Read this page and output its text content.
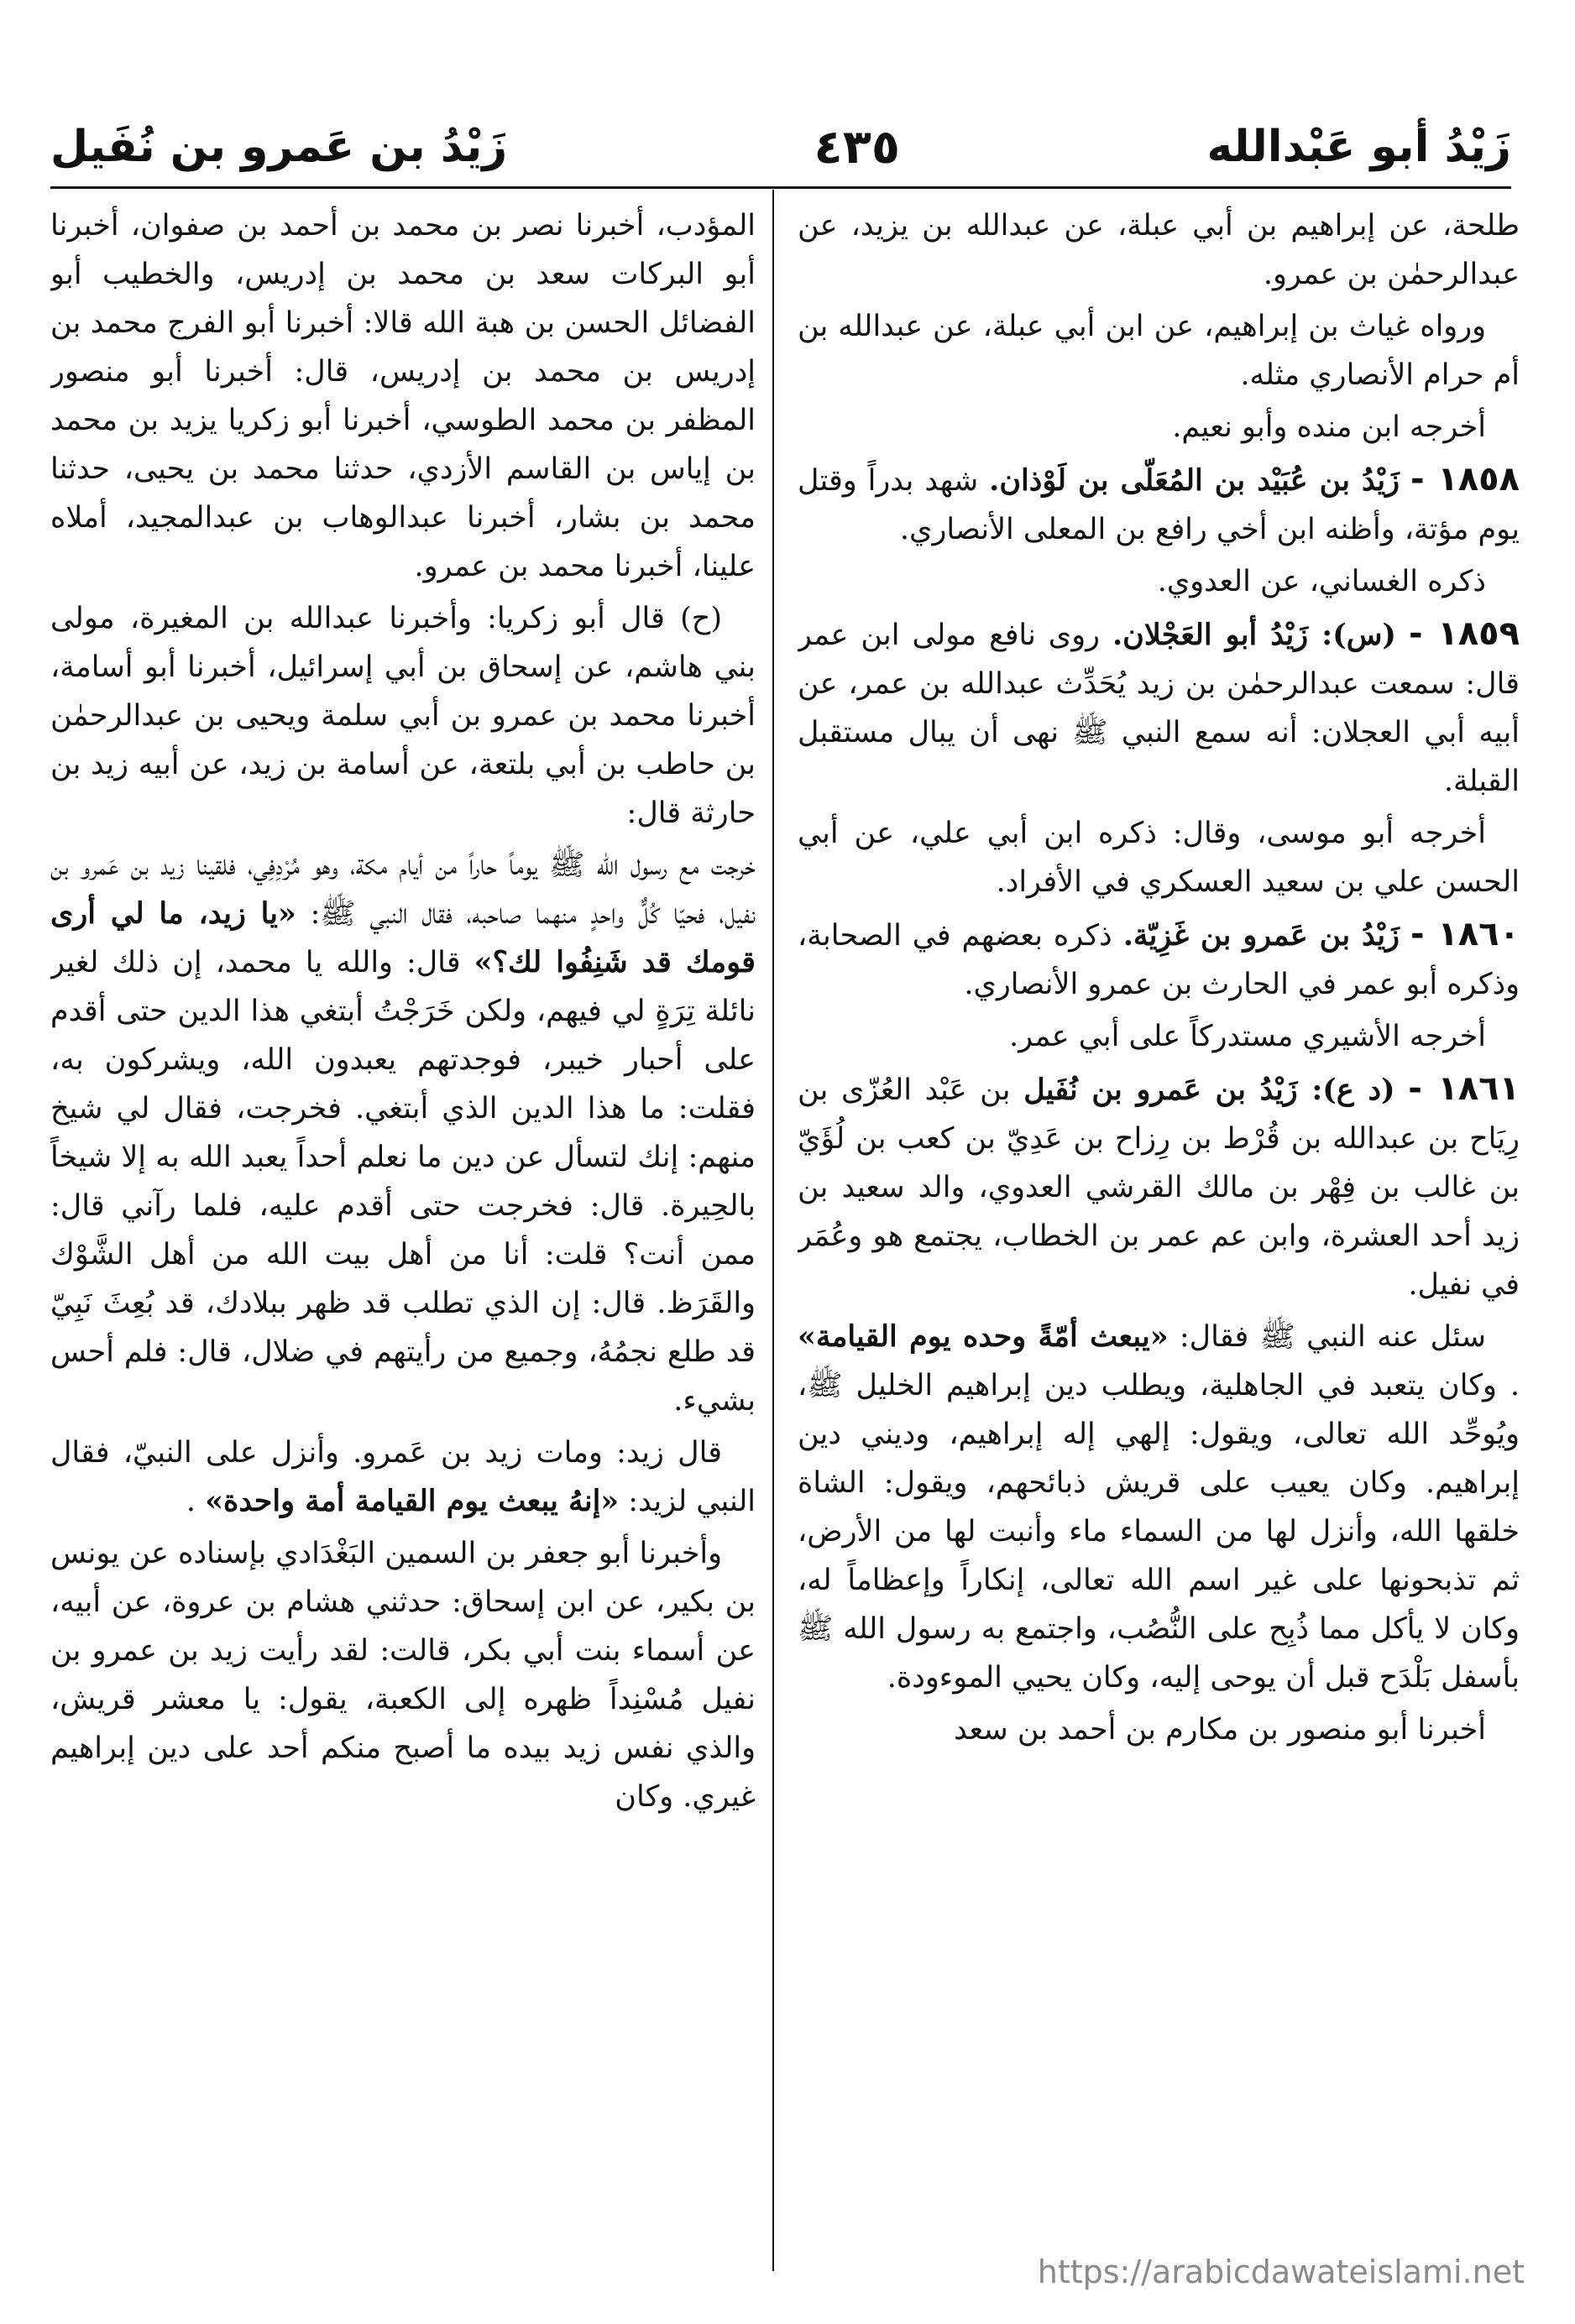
زَيْدُ أبو عَبْدالله
٤٣٥
زَيْدُ بن عَمرو بن نُفَيل

طلحة، عن إبراهيم بن أبي عبلة، عن عبدالله بن يزيد، عن عبدالرحمٰن بن عمرو.

ورواه غياث بن إبراهيم، عن ابن أبي عبلة، عن عبدالله بن أم حرام الأنصاري مثله.

أخرجه ابن منده وأبو نعيم.

١٨٥٨ - زَيْدُ بن عُبَيْد بن المُعَلّى بن لَوْذان. شهد بدراً وقتل يوم مؤتة، وأظنه ابن أخي رافع بن المعلى الأنصاري.

ذكره الغساني، عن العدوي.

١٨٥٩ - (س): زَيْدُ أبو العَجْلان. روى نافع مولى ابن عمر قال: سمعت عبدالرحمٰن بن زيد يُحَدِّث عبدالله بن عمر، عن أبيه أبي العجلان: أنه سمع النبي ﷺ نهى أن يبال مستقبل القبلة.

أخرجه أبو موسى، وقال: ذكره ابن أبي علي، عن أبي الحسن علي بن سعيد العسكري في الأفراد.

١٨٦٠ - زَيْدُ بن عَمرو بن غَزِيّة. ذكره بعضهم في الصحابة، وذكره أبو عمر في الحارث بن عمرو الأنصاري.

أخرجه الأشيري مستدركاً على أبي عمر.

١٨٦١ - (د ع): زَيْدُ بن عَمرو بن نُفَيل بن عَبْد العُزّى بن رِيَاح بن عبدالله بن قُرْط بن رِزاح بن عَدِيّ بن كعب بن لُؤَيّ بن غالب بن فِهْر بن مالك القرشي العدوي، والد سعيد بن زيد أحد العشرة، وابن عم عمر بن الخطاب، يجتمع هو وعُمَر في نفيل.

سئل عنه النبي ﷺ فقال: «يبعث أمّةً وحده يوم القيامة» . وكان يتعبد في الجاهلية، ويطلب دين إبراهيم الخليل ﷺ، ويُوحِّد الله تعالى، ويقول: إلهي إله إبراهيم، وديني دين إبراهيم. وكان يعيب على قريش ذبائحهم، ويقول: الشاة خلقها الله، وأنزل لها من السماء ماء وأنبت لها من الأرض، ثم تذبحونها على غير اسم الله تعالى، إنكاراً وإعظاماً له، وكان لا يأكل مما ذُبِح على النُّصُب، واجتمع به رسول الله ﷺ بأسفل بَلْدَح قبل أن يوحى إليه، وكان يحيي الموءودة.

أخبرنا أبو منصور بن مكارم بن أحمد بن سعد

المؤدب، أخبرنا نصر بن محمد بن أحمد بن صفوان، أخبرنا أبو البركات سعد بن محمد بن إدريس، والخطيب أبو الفضائل الحسن بن هبة الله قالا: أخبرنا أبو الفرج محمد بن إدريس بن محمد بن إدريس، قال: أخبرنا أبو منصور المظفر بن محمد الطوسي، أخبرنا أبو زكريا يزيد بن محمد بن إياس بن القاسم الأزدي، حدثنا محمد بن يحيى، حدثنا محمد بن بشار، أخبرنا عبدالوهاب بن عبدالمجيد، أملاه علينا، أخبرنا محمد بن عمرو.

(ح) قال أبو زكريا: وأخبرنا عبدالله بن المغيرة، مولى بني هاشم، عن إسحاق بن أبي إسرائيل، أخبرنا أبو أسامة، أخبرنا محمد بن عمرو بن أبي سلمة ويحيى بن عبدالرحمٰن بن حاطب بن أبي بلتعة، عن أسامة بن زيد، عن أبيه زيد بن حارثة قال:

خرجت مع رسول الله ﷺ يوماً حاراً من أيام مكة، وهو مُرْدِفِي، فلقينا زيد بن عَمرو بن نفيل، فحيّا كُلٌّ واحدٍ منهما صاحبه، فقال النبي ﷺ: «يا زيد، ما لي أرى قومك قد شَنِفُوا لك؟» قال: والله يا محمد، إن ذلك لغير نائلة تِرَةٍ لي فيهم، ولكن خَرَجْتُ أبتغي هذا الدين حتى أقدم على أحبار خيبر، فوجدتهم يعبدون الله، ويشركون به، فقلت: ما هذا الدين الذي أبتغي. فخرجت، فقال لي شيخ منهم: إنك لتسأل عن دين ما نعلم أحداً يعبد الله به إلا شيخاً بالحِيرة. قال: فخرجت حتى أقدم عليه، فلما رآني قال: ممن أنت؟ قلت: أنا من أهل بيت الله من أهل الشَّوْك والقَرَظ. قال: إن الذي تطلب قد ظهر ببلادك، قد بُعِثَ نَبِيّ قد طلع نجمُهُ، وجميع من رأيتهم في ضلال، قال: فلم أحس بشيء.

قال زيد: ومات زيد بن عَمرو. وأنزل على النبيّ، فقال النبي لزيد: «إنهُ يبعث يوم القيامة أمة واحدة» .

وأخبرنا أبو جعفر بن السمين البَغْدَادي بإسناده عن يونس بن بكير، عن ابن إسحاق: حدثني هشام بن عروة، عن أبيه، عن أسماء بنت أبي بكر، قالت: لقد رأيت زيد بن عمرو بن نفيل مُسْنِداً ظهره إلى الكعبة، يقول: يا معشر قريش، والذي نفس زيد بيده ما أصبح منكم أحد على دين إبراهيم غيري. وكان

https://arabicdawateislami.net
